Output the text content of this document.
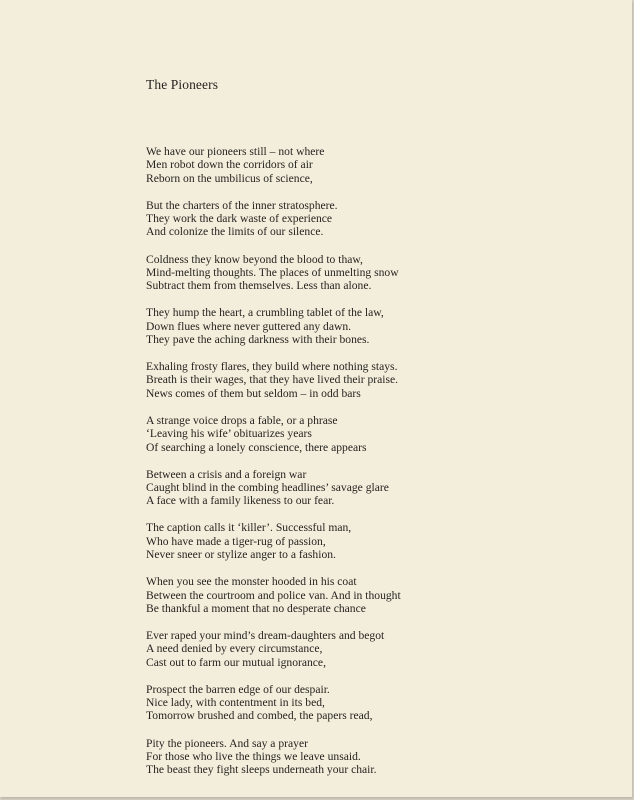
The Pioneers
We have our pioneers still – not where
Men robot down the corridors of air
Reborn on the umbilicus of science,
But the charters of the inner stratosphere.
They work the dark waste of experience
And colonize the limits of our silence.
Coldness they know beyond the blood to thaw,
Mind-melting thoughts. The places of unmelting snow
Subtract them from themselves. Less than alone.
They hump the heart, a crumbling tablet of the law,
Down flues where never guttered any dawn.
They pave the aching darkness with their bones.
Exhaling frosty flares, they build where nothing stays.
Breath is their wages, that they have lived their praise.
News comes of them but seldom – in odd bars
A strange voice drops a fable, or a phrase
‘Leaving his wife’ obituarizes years
Of searching a lonely conscience, there appears
Between a crisis and a foreign war
Caught blind in the combing headlines’ savage glare
A face with a family likeness to our fear.
The caption calls it ‘killer’. Successful man,
Who have made a tiger-rug of passion,
Never sneer or stylize anger to a fashion.
When you see the monster hooded in his coat
Between the courtroom and police van. And in thought
Be thankful a moment that no desperate chance
Ever raped your mind’s dream-daughters and begot
A need denied by every circumstance,
Cast out to farm our mutual ignorance,
Prospect the barren edge of our despair.
Nice lady, with contentment in its bed,
Tomorrow brushed and combed, the papers read,
Pity the pioneers. And say a prayer
For those who live the things we leave unsaid.
The beast they fight sleeps underneath your chair.
